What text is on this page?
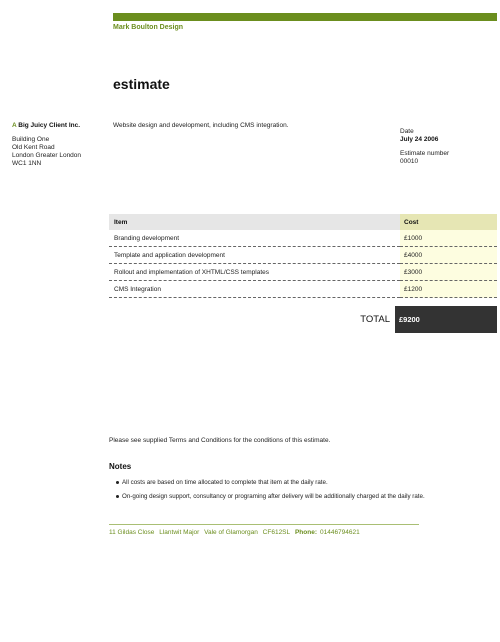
Mark Boulton Design
estimate
A Big Juicy Client Inc.
Building One
Old Kent Road
London Greater London
WC1 1NN
Website design and development, including CMS integration.
Date
July 24 2006
Estimate number
00010
Item	Cost
Branding development	£1000
Template and application development	£4000
Rollout and implementation of XHTML/CSS templates	£3000
CMS Integration	£1200
TOTAL	£9200
Please see supplied Terms and Conditions for the conditions of this estimate.
Notes
All costs are based on time allocated to complete that item at the daily rate.
On-going design support, consultancy or programing after delivery will be additionally charged at the daily rate.
11 Gildas Close Llantwit Major Vale of Glamorgan CF612SL Phone: 01446794621
